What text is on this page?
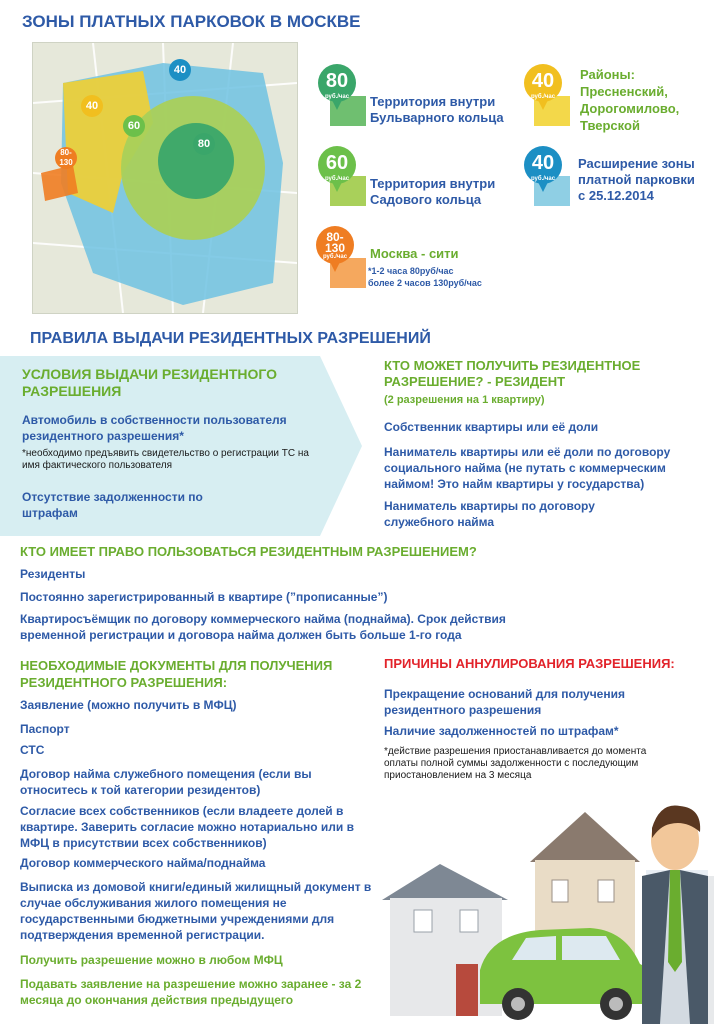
ЗОНЫ ПЛАТНЫХ ПАРКОВОК В МОСКВЕ
40
40
60
80
80-
130
80
руб./час	Территория внутри Бульварного кольца
40
руб./час
Районы: Пресненский, Дорогомилово, Тверской
60
руб./час	Территория внутри Садового кольца
40
руб./час
Расширение зоны платной парковки с 25.12.2014
80-
130
руб./час	Москва - сити
*1-2 часа 80руб/час
более 2 часов 130руб/час
ПРАВИЛА ВЫДАЧИ РЕЗИДЕНТНЫХ РАЗРЕШЕНИЙ
УСЛОВИЯ ВЫДАЧИ РЕЗИДЕНТНОГО РАЗРЕШЕНИЯ
Автомобиль в собственности пользователя резидентного разрешения*
*необходимо предъявить свидетельство о регистрации ТС на имя фактического пользователя
Отсутствие задолженности по штрафам
КТО МОЖЕТ ПОЛУЧИТЬ РЕЗИДЕНТНОЕ РАЗРЕШЕНИЕ? - РЕЗИДЕНТ
(2 разрешения на 1 квартиру)
Собственник квартиры или её доли
Наниматель квартиры или её доли по договору социального найма (не путать с коммерческим наймом! Это найм квартиры у государства)
Наниматель квартиры по договору служебного найма
КТО ИМЕЕТ ПРАВО ПОЛЬЗОВАТЬСЯ РЕЗИДЕНТНЫМ РАЗРЕШЕНИЕМ?
Резиденты
Постоянно зарегистрированный в квартире (”прописанные”)
Квартиросъёмщик по договору коммерческого найма (поднайма). Срок действия временной регистрации и договора найма должен быть больше 1-го года
НЕОБХОДИМЫЕ ДОКУМЕНТЫ ДЛЯ ПОЛУЧЕНИЯ РЕЗИДЕНТНОГО РАЗРЕШЕНИЯ:
Заявление (можно получить в МФЦ)
Паспорт
СТС
Договор найма служебного помещения (если вы относитесь к той категории резидентов)
Согласие всех собственников (если владеете долей в квартире. Заверить согласие можно нотариально или в МФЦ в присутствии всех собственников)
Договор коммерческого найма/поднайма
Выписка из домовой книги/единый жилищный документ в случае обслуживания жилого помещения не государственными бюджетными учреждениями для подтверждения временной регистрации.
Получить разрешение можно в любом МФЦ
Подавать заявление на разрешение можно заранее - за 2 месяца до окончания действия предыдущего
ПРИЧИНЫ АННУЛИРОВАНИЯ РАЗРЕШЕНИЯ:
Прекращение оснований для получения резидентного разрешения
Наличие задолженностей по штрафам*
*действие разрешения приостанавливается до момента оплаты полной суммы задолженности с последующим приостановлением на 3 месяца
